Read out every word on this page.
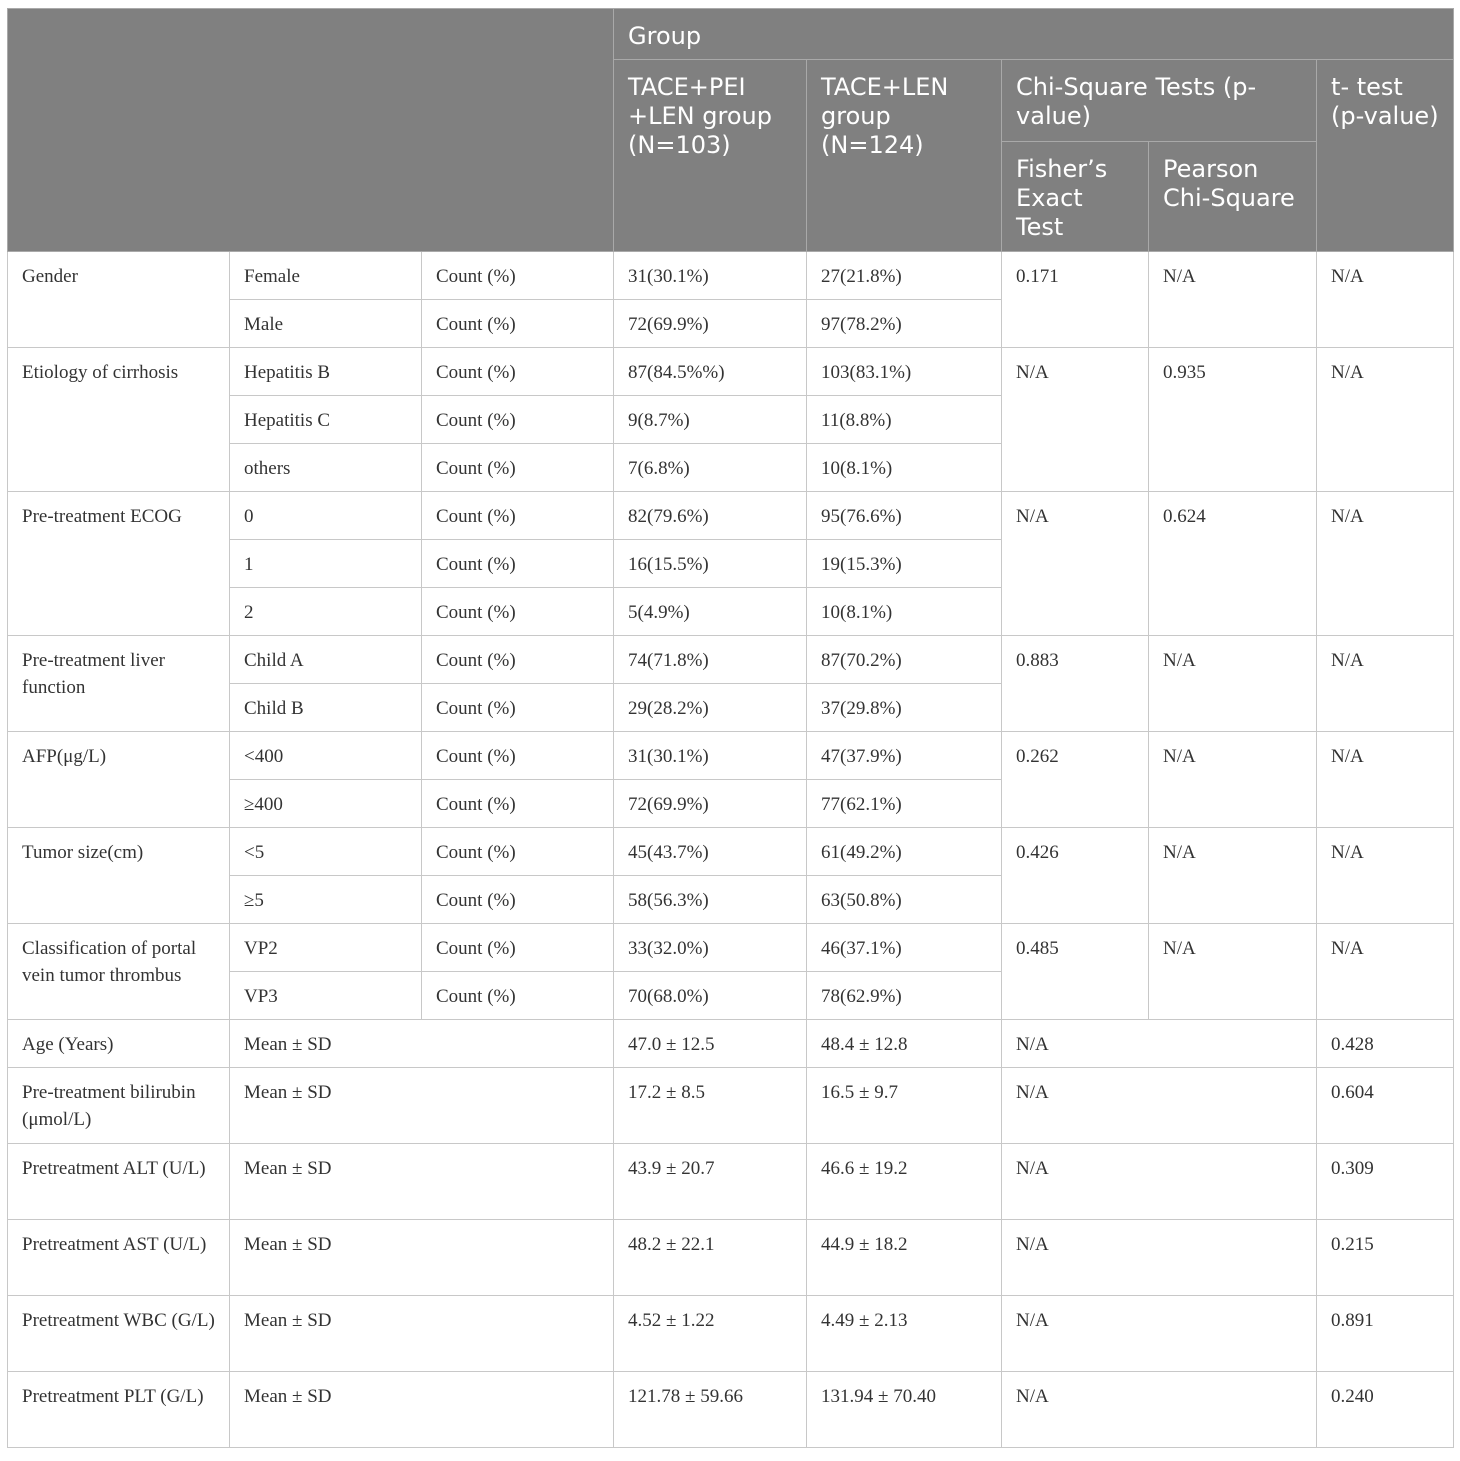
			Group				
			TACE+PEI +LEN group (N=103)	TACE+LEN group (N=124)	Chi-Square Tests (p-value)		t- test (p-value)
					Fisher’s Exact Test	Pearson Chi-Square	
Gender	Female	Count (%)	31(30.1%)	27(21.8%)	0.171	N/A	N/A
	Male	Count (%)	72(69.9%)	97(78.2%)			
Etiology of cirrhosis	Hepatitis B	Count (%)	87(84.5%%)	103(83.1%)	N/A	0.935	N/A
	Hepatitis C	Count (%)	9(8.7%)	11(8.8%)			
	others	Count (%)	7(6.8%)	10(8.1%)			
Pre-treatment ECOG	0	Count (%)	82(79.6%)	95(76.6%)	N/A	0.624	N/A
	1	Count (%)	16(15.5%)	19(15.3%)			
	2	Count (%)	5(4.9%)	10(8.1%)			
Pre-treatment liver function	Child A	Count (%)	74(71.8%)	87(70.2%)	0.883	N/A	N/A
	Child B	Count (%)	29(28.2%)	37(29.8%)			
AFP(μg/L)	<400	Count (%)	31(30.1%)	47(37.9%)	0.262	N/A	N/A
	≥400	Count (%)	72(69.9%)	77(62.1%)			
Tumor size(cm)	<5	Count (%)	45(43.7%)	61(49.2%)	0.426	N/A	N/A
	≥5	Count (%)	58(56.3%)	63(50.8%)			
Classification of portal vein tumor thrombus	VP2	Count (%)	33(32.0%)	46(37.1%)	0.485	N/A	N/A
	VP3	Count (%)	70(68.0%)	78(62.9%)			
Age (Years)	Mean ± SD		47.0 ± 12.5	48.4 ± 12.8	N/A		0.428
Pre-treatment bilirubin (μmol/L)	Mean ± SD		17.2 ± 8.5	16.5 ± 9.7	N/A		0.604
Pretreatment ALT (U/L)	Mean ± SD		43.9 ± 20.7	46.6 ± 19.2	N/A		0.309
Pretreatment AST (U/L)	Mean ± SD		48.2 ± 22.1	44.9 ± 18.2	N/A		0.215
Pretreatment WBC (G/L)	Mean ± SD		4.52 ± 1.22	4.49 ± 2.13	N/A		0.891
Pretreatment PLT (G/L)	Mean ± SD		121.78 ± 59.66	131.94 ± 70.40	N/A		0.240
